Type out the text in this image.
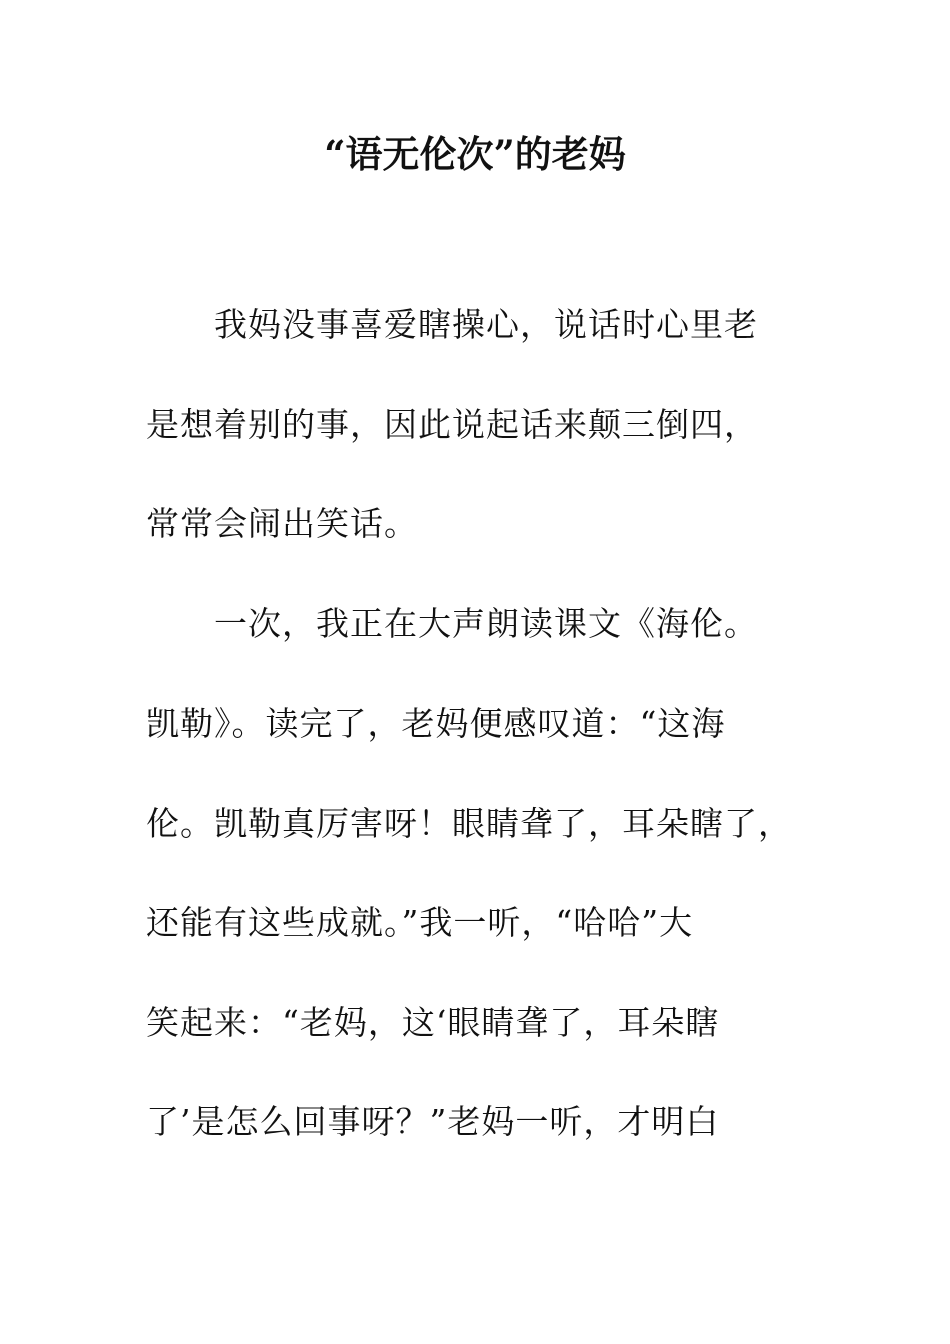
“语无伦次”的老妈
我妈没事喜爱瞎操心，说话时心里老
是想着别的事，因此说起话来颠三倒四，
常常会闹出笑话。
一次，我正在大声朗读课文《海伦。
凯勒》。读完了，老妈便感叹道：“这海
伦。凯勒真厉害呀！眼睛聋了，耳朵瞎了，
还能有这些成就。”我一听，“哈哈”大
笑起来：“老妈，这‘眼睛聋了，耳朵瞎
了’是怎么回事呀？”老妈一听，才明白
